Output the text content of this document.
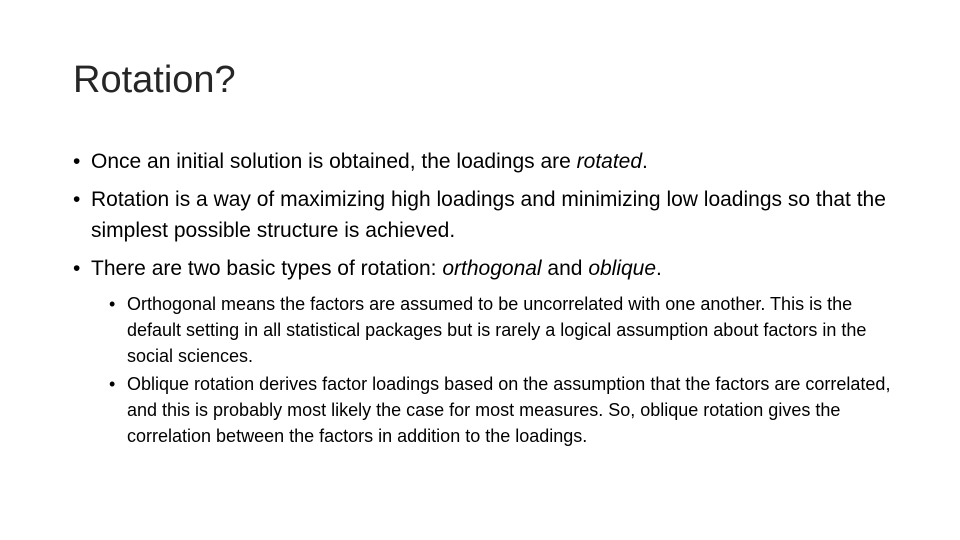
Rotation?
• Once an initial solution is obtained, the loadings are rotated.
• Rotation is a way of maximizing high loadings and minimizing low loadings so that the simplest possible structure is achieved.
• There are two basic types of rotation: orthogonal and oblique.
• Orthogonal means the factors are assumed to be uncorrelated with one another. This is the default setting in all statistical packages but is rarely a logical assumption about factors in the social sciences.
• Oblique rotation derives factor loadings based on the assumption that the factors are correlated, and this is probably most likely the case for most measures. So, oblique rotation gives the correlation between the factors in addition to the loadings.
